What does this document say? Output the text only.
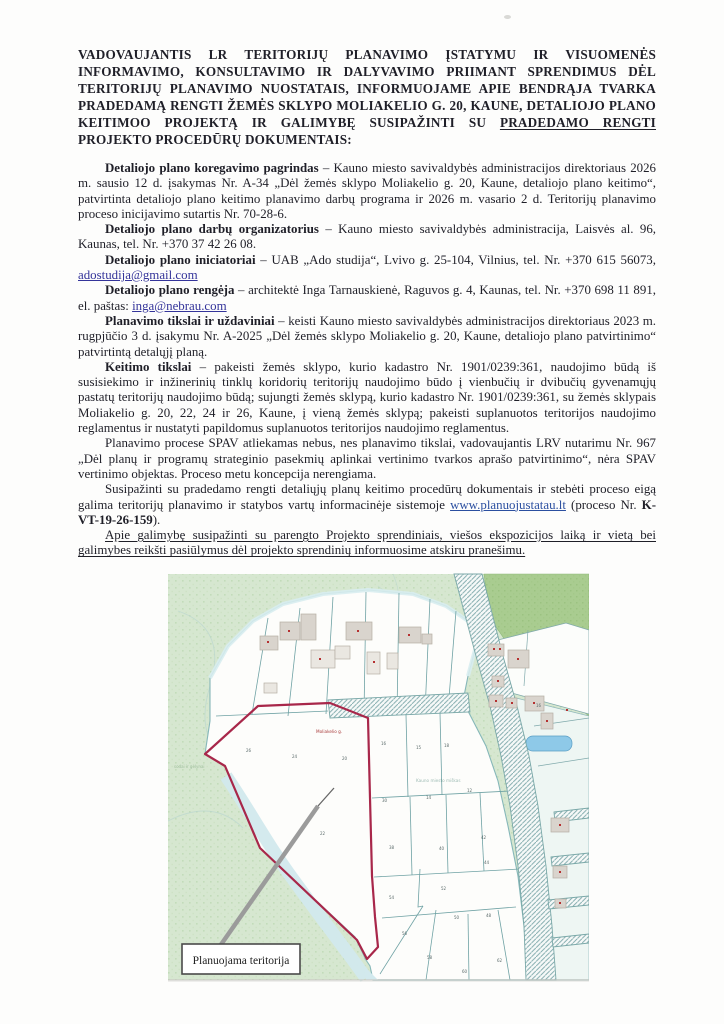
VADOVAUJANTIS LR TERITORIJŲ PLANAVIMO ĮSTATYMU IR VISUOMENĖS INFORMAVIMO, KONSULTAVIMO IR DALYVAVIMO PRIIMANT SPRENDIMUS DĖL TERITORIJŲ PLANAVIMO NUOSTATAIS, INFORMUOJAME APIE BENDRĄJA TVARKA PRADEDAMĄ RENGTI ŽEMĖS SKLYPO MOLIAKELIO G. 20, KAUNE, DETALIOJO PLANO KEITIMOO PROJEKTĄ IR GALIMYBĘ SUSIPAŽINTI SU PRADEDAMO RENGTI PROJEKTO PROCEDŪRŲ DOKUMENTAIS:

Detaliojo plano koregavimo pagrindas – Kauno miesto savivaldybės administracijos direktoriaus 2026 m. sausio 12 d. įsakymas Nr. A-34 „Dėl žemės sklypo Moliakelio g. 20, Kaune, detaliojo plano keitimo“, patvirtinta detaliojo plano keitimo planavimo darbų programa ir 2026 m. vasario 2 d. Teritorijų planavimo proceso inicijavimo sutartis Nr. 70-28-6.

Detaliojo plano darbų organizatorius – Kauno miesto savivaldybės administracija, Laisvės al. 96, Kaunas, tel. Nr. +370 37 42 26 08.

Detaliojo plano iniciatoriai – UAB „Ado studija“, Lvivo g. 25-104, Vilnius, tel. Nr. +370 615 56073, adostudija@gmail.com

Detaliojo plano rengėja – architektė Inga Tarnauskienė, Raguvos g. 4, Kaunas, tel. Nr. +370 698 11 891, el. paštas: inga@nebrau.com

Planavimo tikslai ir uždaviniai – keisti Kauno miesto savivaldybės administracijos direktoriaus 2023 m. rugpjūčio 3 d. įsakymu Nr. A-2025 „Dėl žemės sklypo Moliakelio g. 20, Kaune, detaliojo plano patvirtinimo“ patvirtintą detalųjį planą.

Keitimo tikslai – pakeisti žemės sklypo, kurio kadastro Nr. 1901/0239:361, naudojimo būdą iš susisiekimo ir inžinerinių tinklų koridorių teritorijų naudojimo būdo į vienbučių ir dvibučių gyvenamųjų pastatų teritorijų naudojimo būdą; sujungti žemės sklypą, kurio kadastro Nr. 1901/0239:361, su žemės sklypais Moliakelio g. 20, 22, 24 ir 26, Kaune, į vieną žemės sklypą; pakeisti suplanuotos teritorijos naudojimo reglamentus ir nustatyti papildomus suplanuotos teritorijos naudojimo reglamentus.

Planavimo procese SPAV atliekamas nebus, nes planavimo tikslai, vadovaujantis LRV nutarimu Nr. 967 „Dėl planų ir programų strateginio pasekmių aplinkai vertinimo tvarkos aprašo patvirtinimo“, nėra SPAV vertinimo objektas. Proceso metu koncepcija nerengiama.

Susipažinti su pradedamo rengti detaliųjų planų keitimo procedūrų dokumentais ir stebėti proceso eigą galima teritorijų planavimo ir statybos vartų informacinėje sistemoje www.planuojustatau.lt (proceso Nr. K-VT-19-26-159).

Apie galimybę susipažinti su parengto Projekto sprendiniais, viešos ekspozicijos laiką ir vietą bei galimybes reikšti pasiūlymus dėl projekto sprendinių informuosime atskiru pranešimu.

Moliakelio g.
Kauno miesto miškas
sodai ir gėlynai
26
24	20
16
15	18
30
14
12
22
38	40
42
44
52
54
50	48
56
58
60
62
16
Planuojama teritorija
